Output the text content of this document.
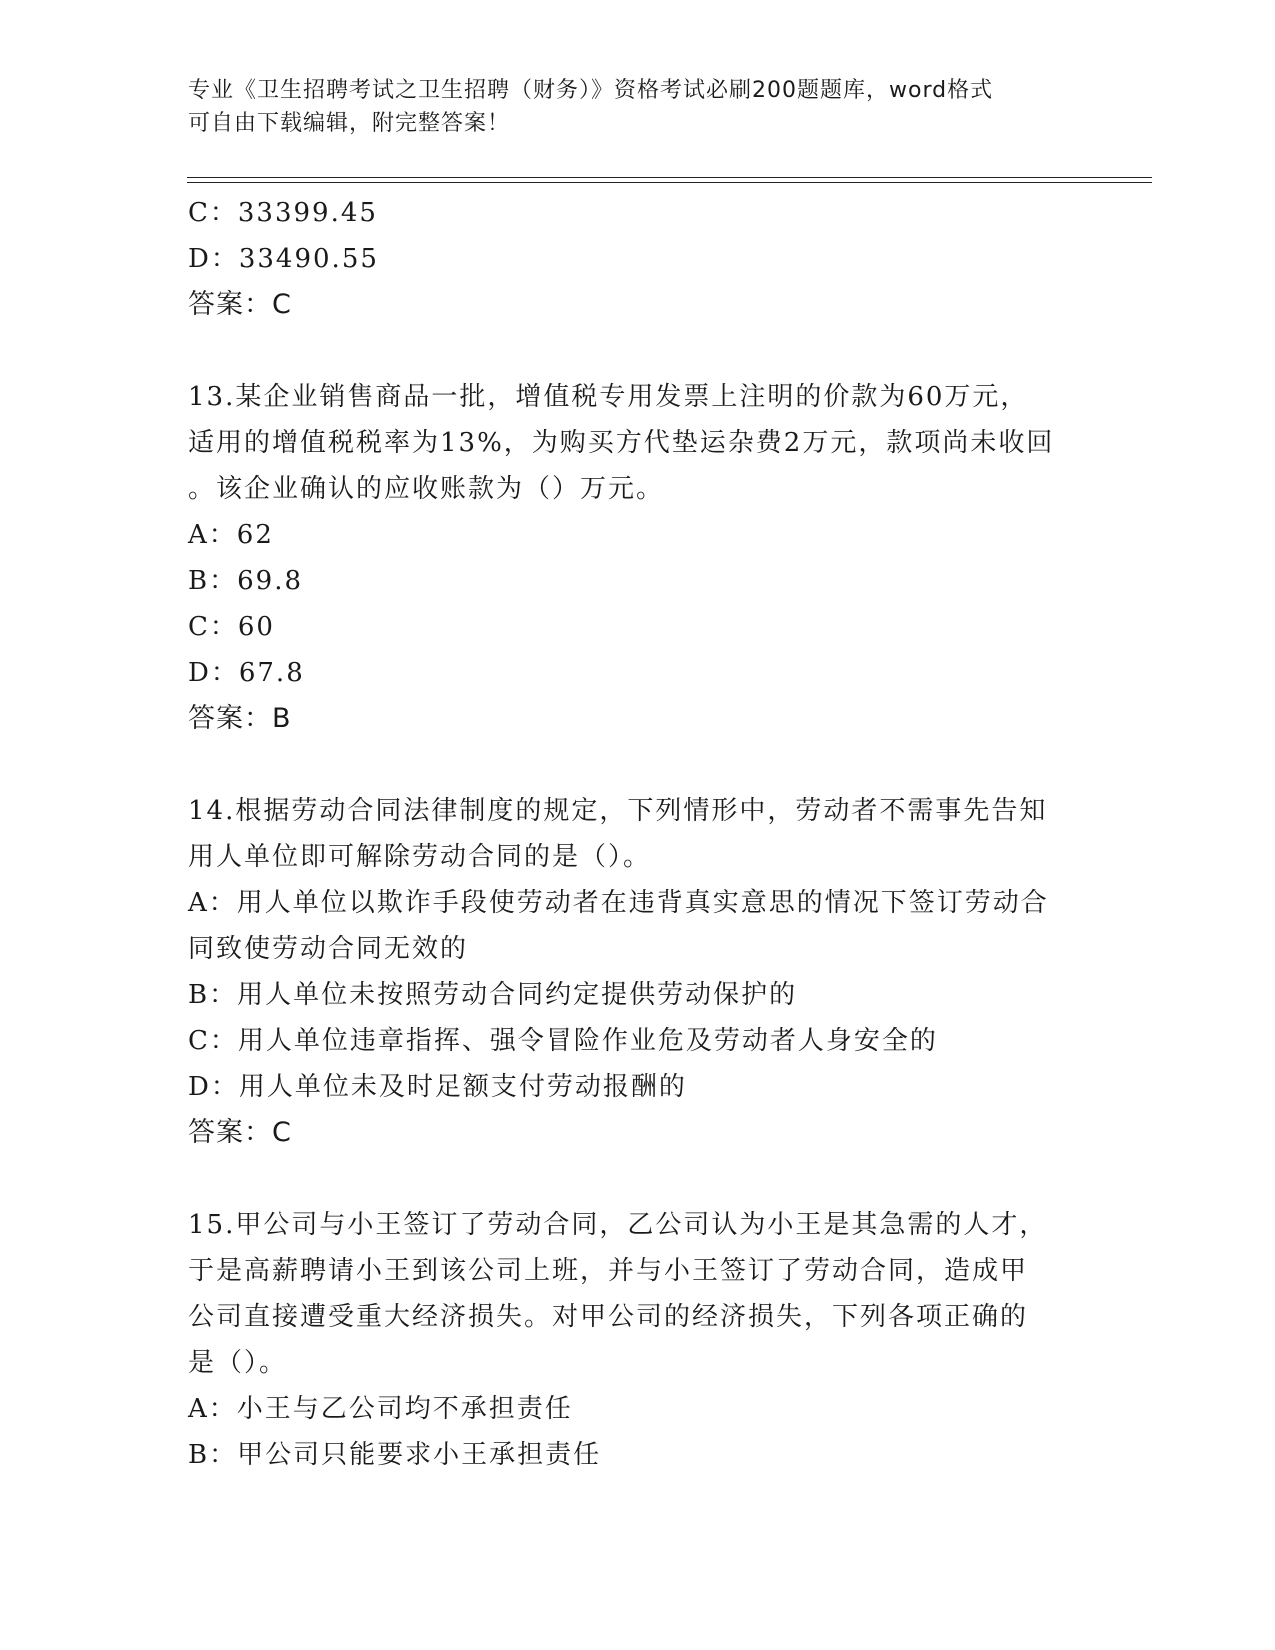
专业《卫生招聘考试之卫生招聘（财务）》资格考试必刷200题题库，word格式
可自由下载编辑，附完整答案！
C：33399.45
D：33490.55
答案：C
13.某企业销售商品一批，增值税专用发票上注明的价款为60万元，
适用的增值税税率为13%，为购买方代垫运杂费2万元，款项尚未收回
。该企业确认的应收账款为（）万元。
A：62
B：69.8
C：60
D：67.8
答案：B
14.根据劳动合同法律制度的规定，下列情形中，劳动者不需事先告知
用人单位即可解除劳动合同的是（）。
A：用人单位以欺诈手段使劳动者在违背真实意思的情况下签订劳动合
同致使劳动合同无效的
B：用人单位未按照劳动合同约定提供劳动保护的
C：用人单位违章指挥、强令冒险作业危及劳动者人身安全的
D：用人单位未及时足额支付劳动报酬的
答案：C
15.甲公司与小王签订了劳动合同，乙公司认为小王是其急需的人才，
于是高薪聘请小王到该公司上班，并与小王签订了劳动合同，造成甲
公司直接遭受重大经济损失。对甲公司的经济损失，下列各项正确的
是（）。
A：小王与乙公司均不承担责任
B：甲公司只能要求小王承担责任
